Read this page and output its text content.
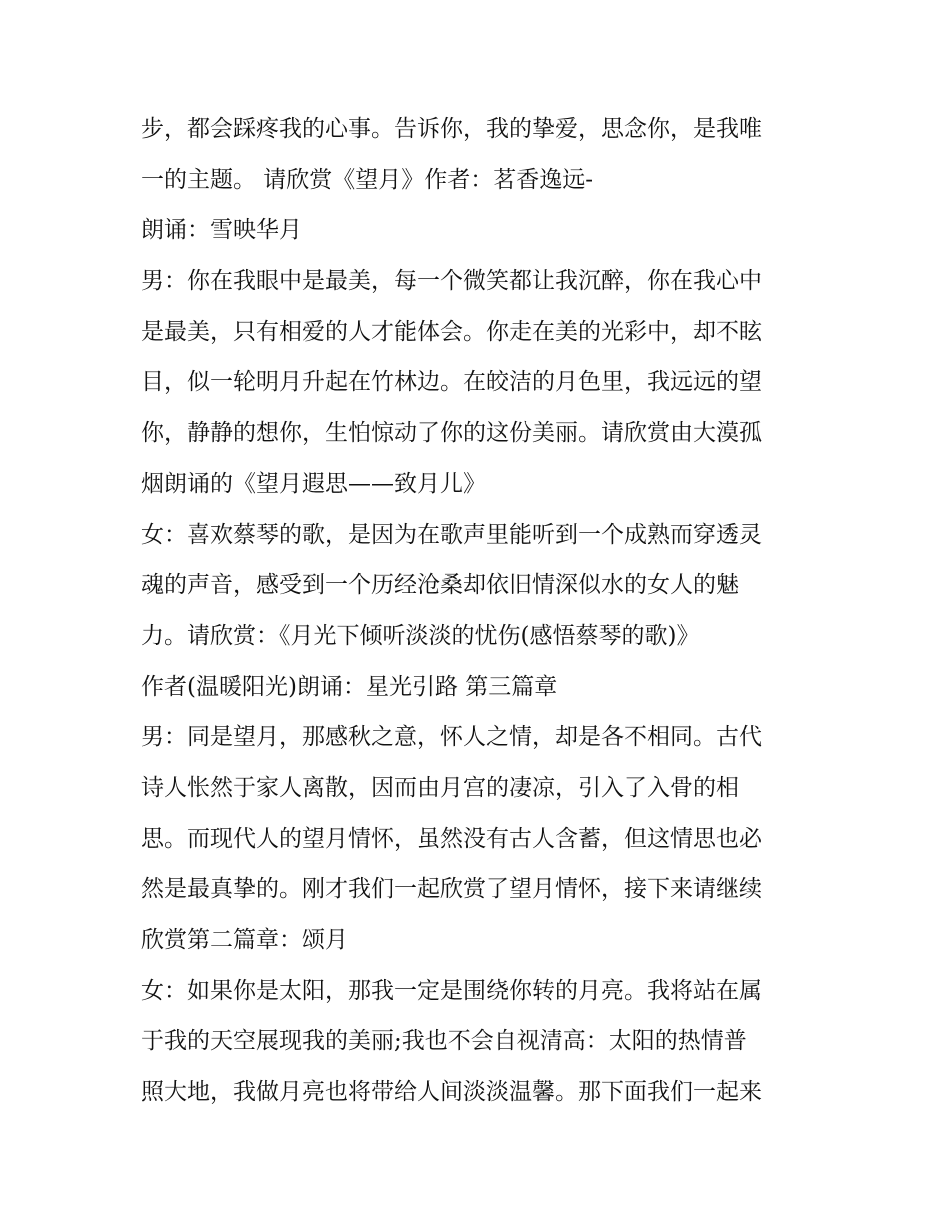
步，都会踩疼我的心事。告诉你，我的挚爱，思念你，是我唯
一的主题。 请欣赏《望月》作者：茗香逸远-
朗诵：雪映华月
男：你在我眼中是最美，每一个微笑都让我沉醉，你在我心中
是最美，只有相爱的人才能体会。你走在美的光彩中，却不眩
目，似一轮明月升起在竹林边。在皎洁的月色里，我远远的望
你，静静的想你，生怕惊动了你的这份美丽。请欣赏由大漠孤
烟朗诵的《望月遐思——致月儿》
女：喜欢蔡琴的歌，是因为在歌声里能听到一个成熟而穿透灵
魂的声音，感受到一个历经沧桑却依旧情深似水的女人的魅
力。请欣赏：《月光下倾听淡淡的忧伤(感悟蔡琴的歌)》
作者(温暖阳光)朗诵：星光引路 第三篇章
男：同是望月，那感秋之意，怀人之情，却是各不相同。古代
诗人怅然于家人离散，因而由月宫的凄凉，引入了入骨的相
思。而现代人的望月情怀，虽然没有古人含蓄，但这情思也必
然是最真挚的。刚才我们一起欣赏了望月情怀，接下来请继续
欣赏第二篇章：颂月
女：如果你是太阳，那我一定是围绕你转的月亮。我将站在属
于我的天空展现我的美丽;我也不会自视清高：太阳的热情普
照大地，我做月亮也将带给人间淡淡温馨。那下面我们一起来
